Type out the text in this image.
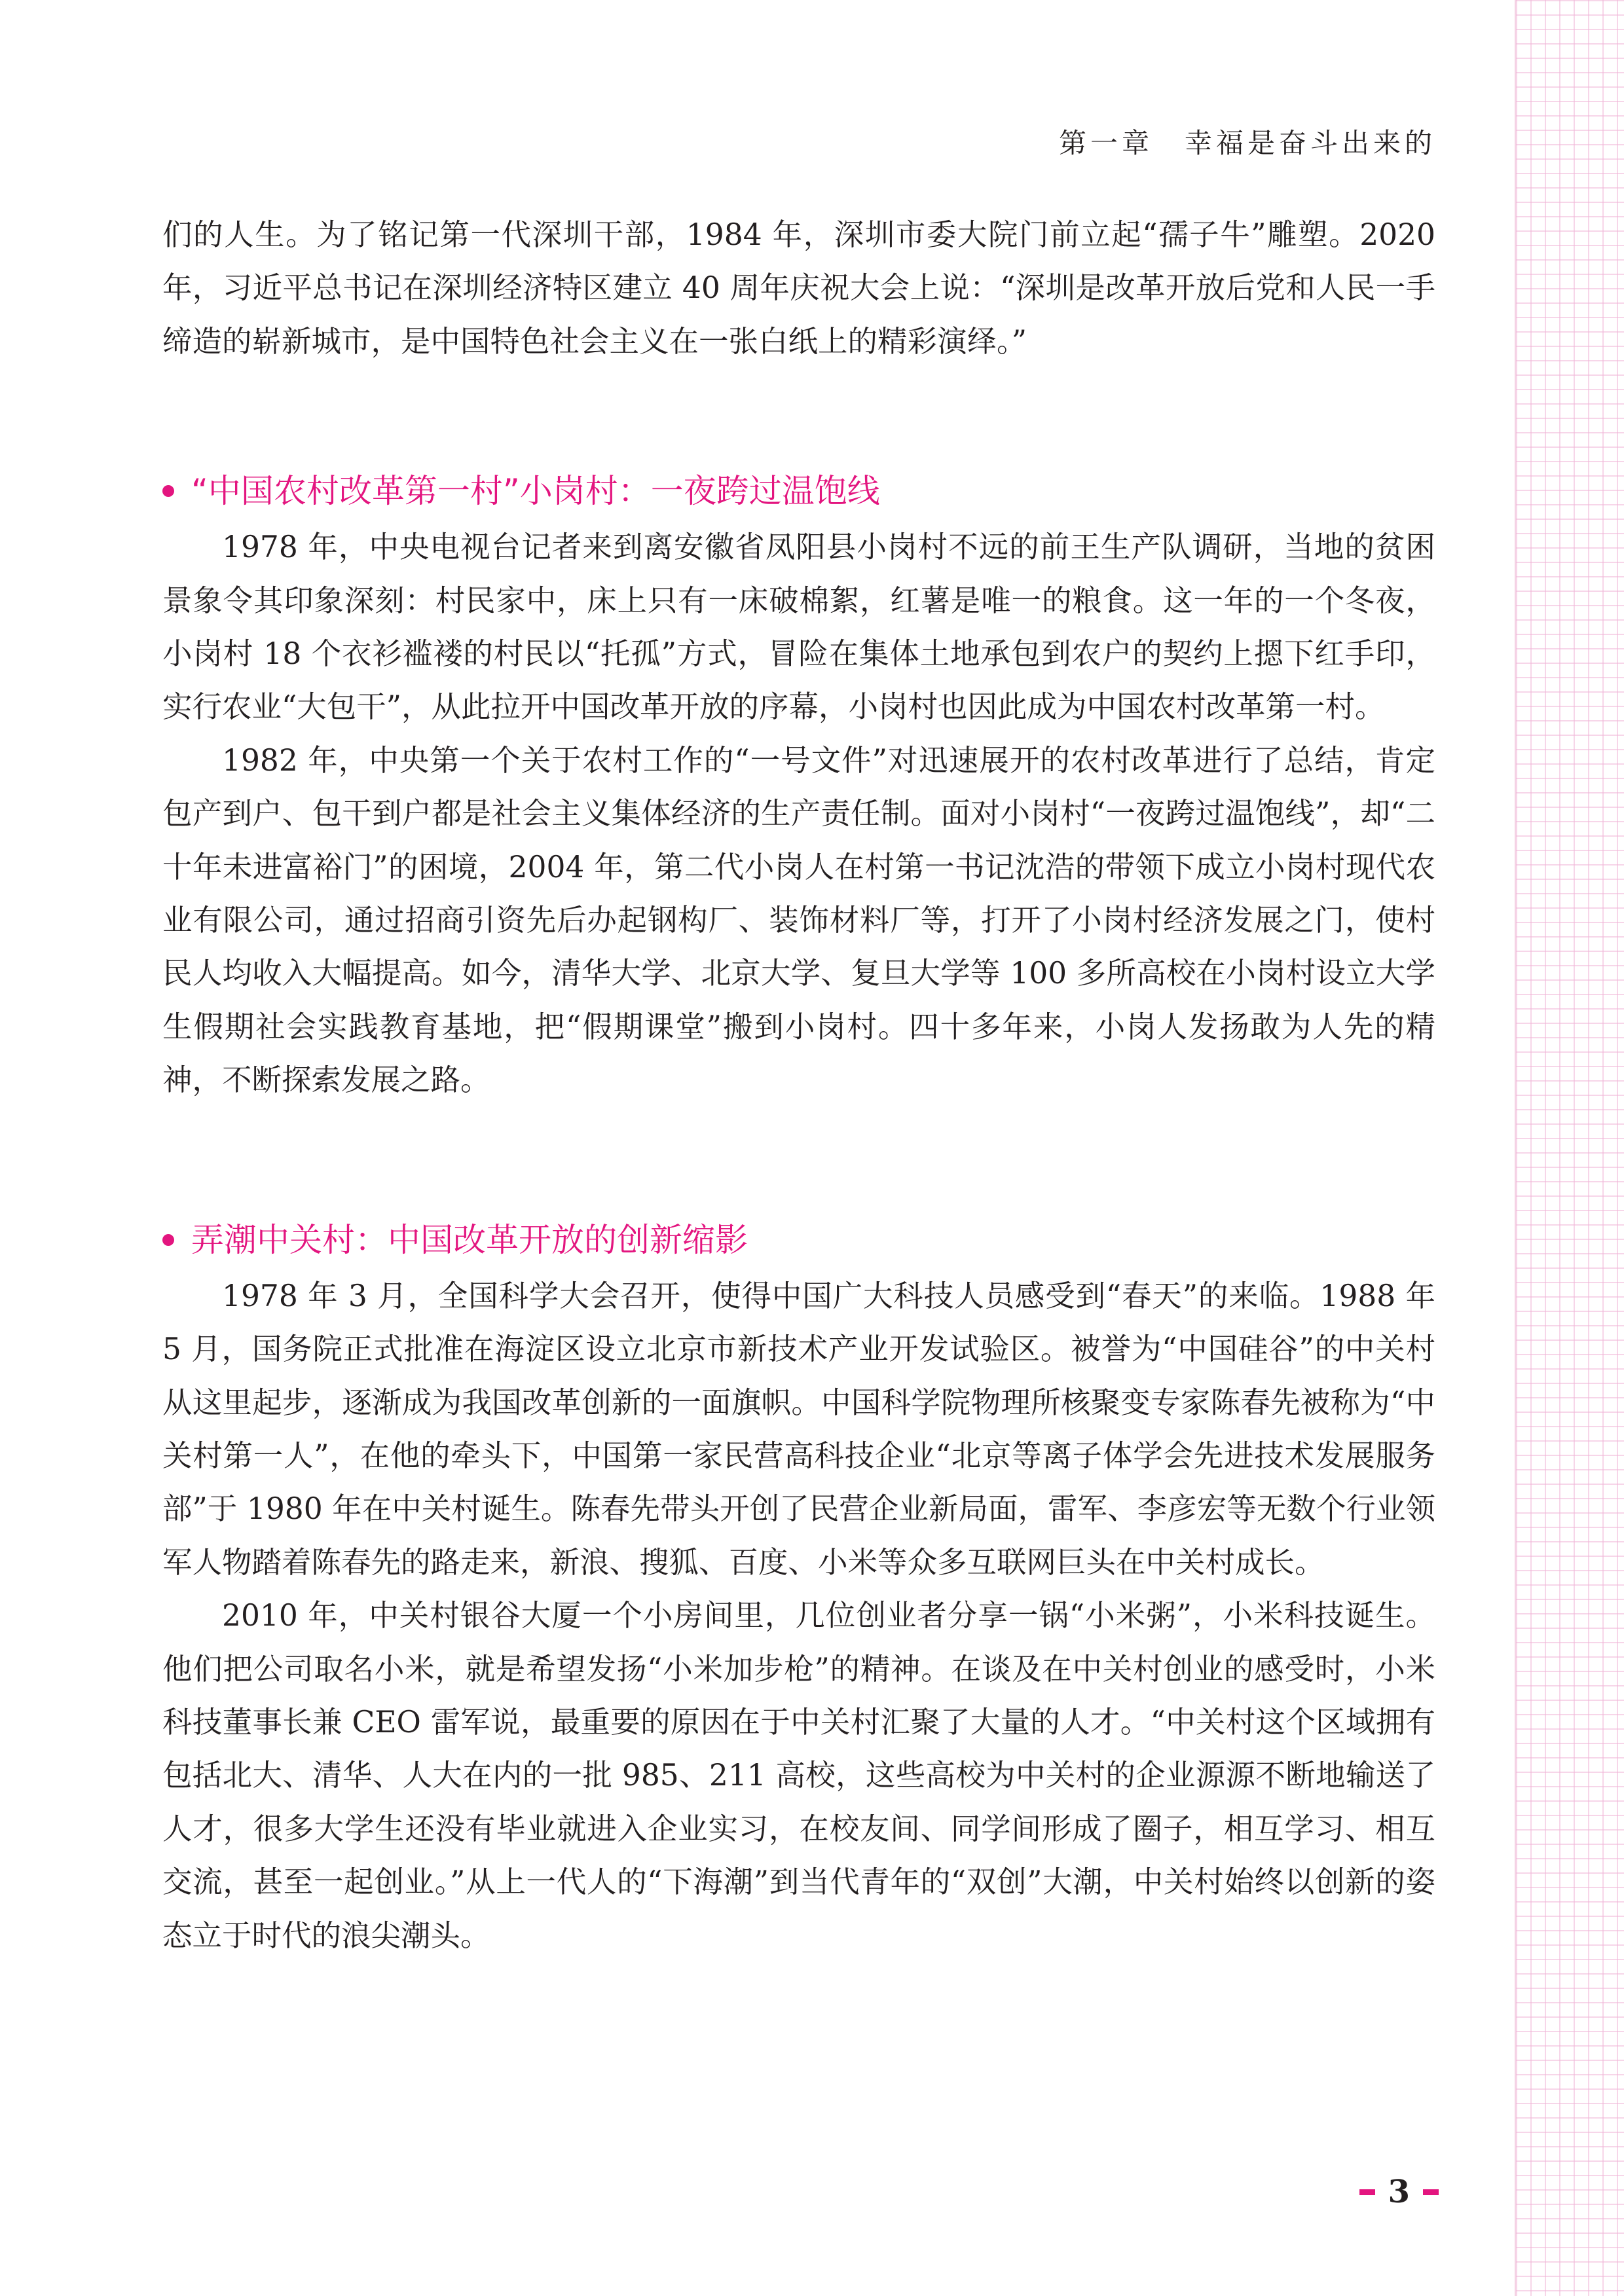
第一章　幸福是奋斗出来的

们的人生。为了铭记第一代深圳干部，1984 年，深圳市委大院门前立起“孺子牛”雕塑。2020 年，习近平总书记在深圳经济特区建立 40 周年庆祝大会上说：“深圳是改革开放后党和人民一手缔造的崭新城市，是中国特色社会主义在一张白纸上的精彩演绎。”

“中国农村改革第一村”小岗村：一夜跨过温饱线

1978 年，中央电视台记者来到离安徽省凤阳县小岗村不远的前王生产队调研，当地的贫困景象令其印象深刻：村民家中，床上只有一床破棉絮，红薯是唯一的粮食。这一年的一个冬夜，小岗村 18 个衣衫褴褛的村民以“托孤”方式，冒险在集体土地承包到农户的契约上摁下红手印，实行农业“大包干”，从此拉开中国改革开放的序幕，小岗村也因此成为中国农村改革第一村。

1982 年，中央第一个关于农村工作的“一号文件”对迅速展开的农村改革进行了总结，肯定包产到户、包干到户都是社会主义集体经济的生产责任制。面对小岗村“一夜跨过温饱线”，却“二十年未进富裕门”的困境，2004 年，第二代小岗人在村第一书记沈浩的带领下成立小岗村现代农业有限公司，通过招商引资先后办起钢构厂、装饰材料厂等，打开了小岗村经济发展之门，使村民人均收入大幅提高。如今，清华大学、北京大学、复旦大学等 100 多所高校在小岗村设立大学生假期社会实践教育基地，把“假期课堂”搬到小岗村。四十多年来，小岗人发扬敢为人先的精神，不断探索发展之路。

弄潮中关村：中国改革开放的创新缩影

1978 年 3 月，全国科学大会召开，使得中国广大科技人员感受到“春天”的来临。1988 年 5 月，国务院正式批准在海淀区设立北京市新技术产业开发试验区。被誉为“中国硅谷”的中关村从这里起步，逐渐成为我国改革创新的一面旗帜。中国科学院物理所核聚变专家陈春先被称为“中关村第一人”，在他的牵头下，中国第一家民营高科技企业“北京等离子体学会先进技术发展服务部”于 1980 年在中关村诞生。陈春先带头开创了民营企业新局面，雷军、李彦宏等无数个行业领军人物踏着陈春先的路走来，新浪、搜狐、百度、小米等众多互联网巨头在中关村成长。

2010 年，中关村银谷大厦一个小房间里，几位创业者分享一锅“小米粥”，小米科技诞生。他们把公司取名小米，就是希望发扬“小米加步枪”的精神。在谈及在中关村创业的感受时，小米科技董事长兼 CEO 雷军说，最重要的原因在于中关村汇聚了大量的人才。“中关村这个区域拥有包括北大、清华、人大在内的一批 985、211 高校，这些高校为中关村的企业源源不断地输送了人才，很多大学生还没有毕业就进入企业实习，在校友间、同学间形成了圈子，相互学习、相互交流，甚至一起创业。”从上一代人的“下海潮”到当代青年的“双创”大潮，中关村始终以创新的姿态立于时代的浪尖潮头。

3
